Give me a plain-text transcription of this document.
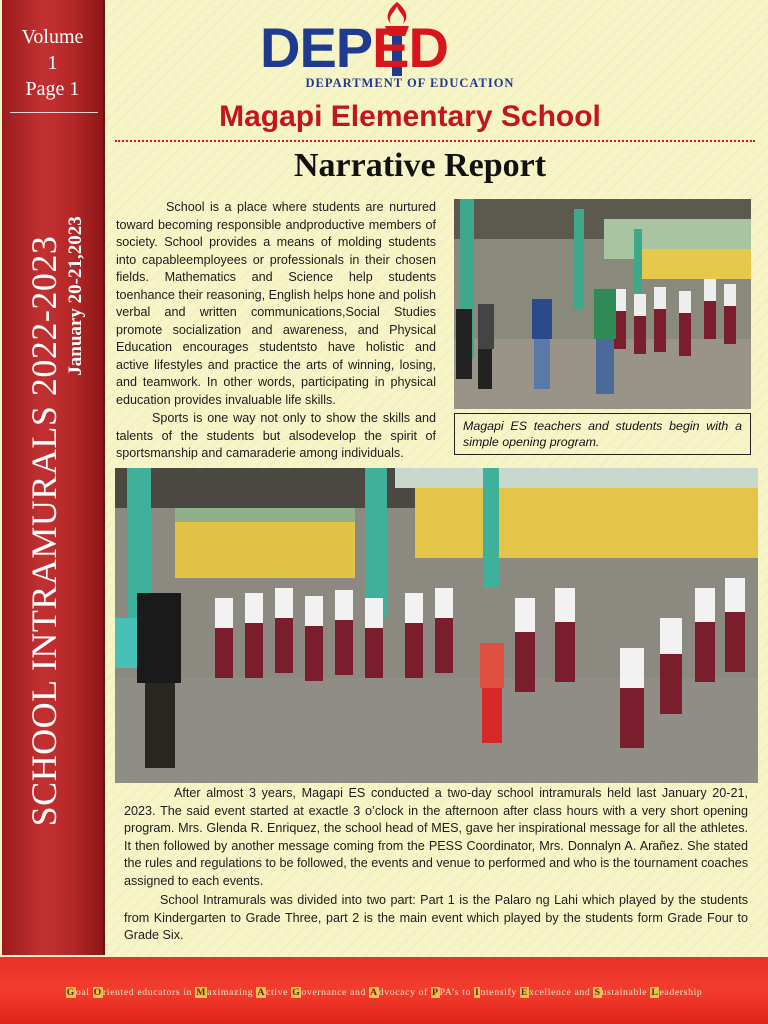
Volume
1
Page 1
SCHOOL INTRAMURALS 2022-2023 January 20-21,2023
DEPED
DEPARTMENT OF EDUCATION
Magapi Elementary School
Narrative Report

School is a place where students are nurtured toward becoming responsible andproductive members of society. School provides a means of molding students into capableemployees or professionals in their chosen fields. Mathematics and Science help students toenhance their reasoning, English helps hone and polish verbal and written communications,Social Studies promote socialization and awareness, and Physical Education encourages studentsto have holistic and active lifestyles and practice the arts of winning, losing, and teamwork. In other words, participating in physical education provides invaluable life skills.

Sports is one way not only to show the skills and talents of the students but alsodevelop the spirit of sportsmanship and camaraderie among individuals.

Magapi ES teachers and students begin with a simple opening program.

After almost 3 years, Magapi ES conducted a two-day school intramurals held last January 20-21, 2023. The said event started at exactle 3 o’clock in the afternoon after class hours with a very short opening program. Mrs. Glenda R. Enriquez, the school head of MES, gave her inspirational message for all the athletes. It then followed by another message coming from the PESS Coordinator, Mrs. Donnalyn A. Arañez. She stated the rules and regulations to be followed, the events and venue to performed and who is the tournament coaches assigned to each events.

School Intramurals was divided into two part: Part 1 is the Palaro ng Lahi which played by the students from Kindergarten to Grade Three, part 2 is the main event which played by the students form Grade Four to Grade Six.

Goal Oriented educators in Maximazing Active Governance and Advocacy of PPA’s to Intensify Excellence and Sustainable Leadership
